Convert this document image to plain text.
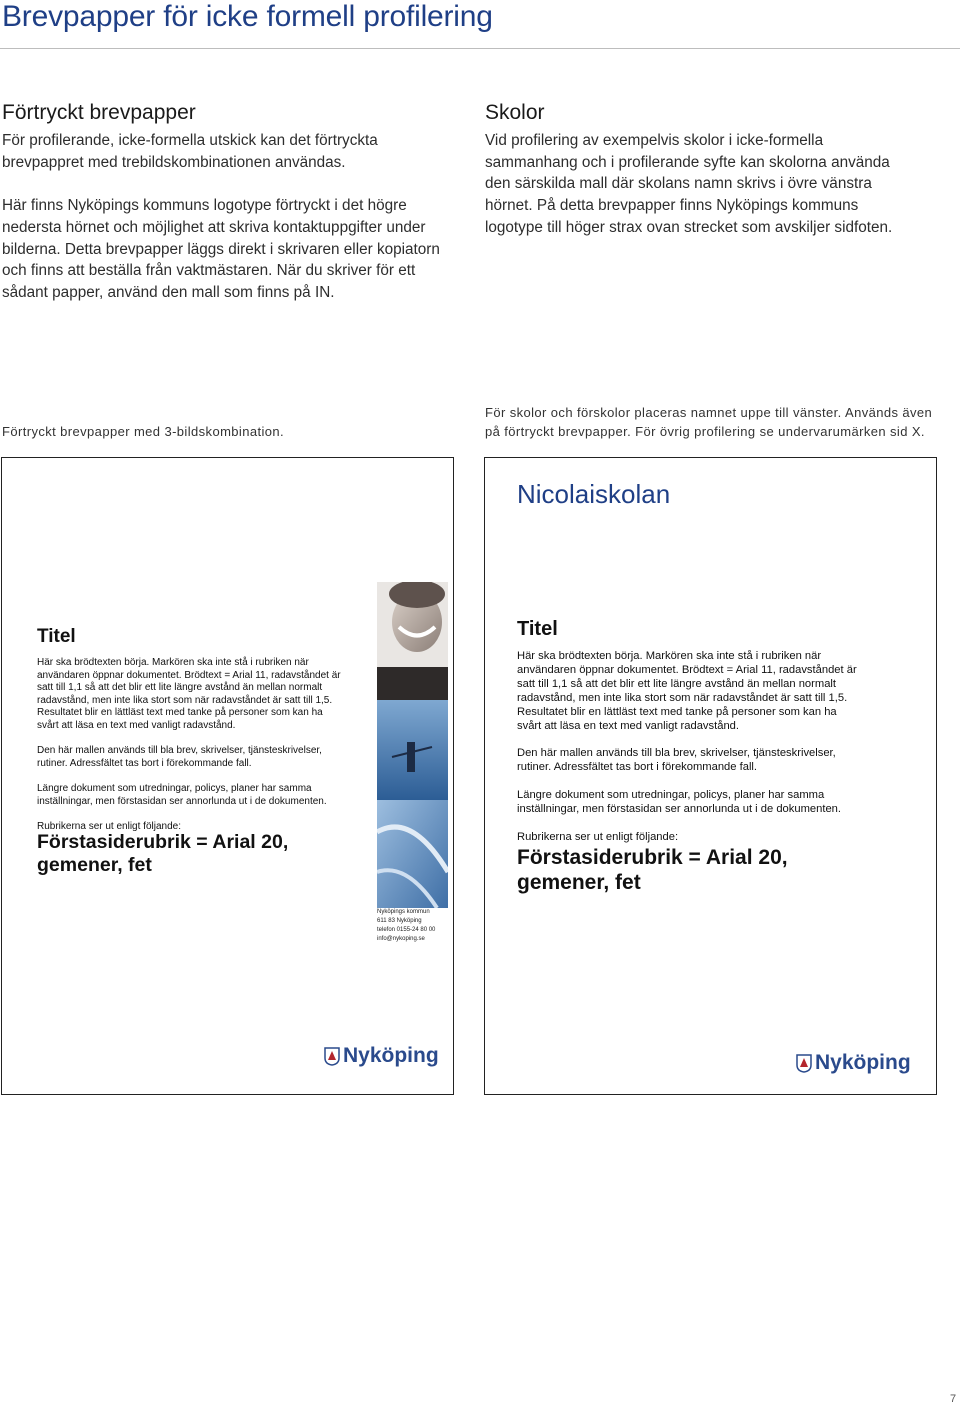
Brevpapper för icke formell profilering
Förtryckt brevpapper

För profilerande, icke-formella utskick kan det förtryckta brevpappret med trebildskombinationen användas.

Här finns Nyköpings kommuns logotype förtryckt i det högre nedersta hörnet och möjlighet att skriva kontaktuppgifter under bilderna. Detta brevpapper läggs direkt i skrivaren eller kopiatorn och finns att beställa från vaktmästaren. När du skriver för ett sådant papper, använd den mall som finns på IN.

Skolor

Vid profilering av exempelvis skolor i icke-formella sammanhang och i profilerande syfte kan skolorna använda den särskilda mall där skolans namn skrivs i övre vänstra hörnet. På detta brevpapper finns Nyköpings kommuns logotype till höger strax ovan strecket som avskiljer sidfoten.

Förtryckt brevpapper med 3-bildskombination.
För skolor och förskolor placeras namnet uppe till vänster. Används även på förtryckt brevpapper. För övrig profilering se undervarumärken sid X.
Titel

Här ska brödtexten börja. Markören ska inte stå i rubriken när användaren öppnar dokumentet. Brödtext = Arial 11, radavståndet är satt till 1,1 så att det blir ett lite längre avstånd än mellan normalt radavstånd, men inte lika stort som när radavståndet är satt till 1,5. Resultatet blir en lättläst text med tanke på personer som kan ha svårt att läsa en text med vanligt radavstånd.

Den här mallen används till bla brev, skrivelser, tjänsteskrivelser, rutiner. Adressfältet tas bort i förekommande fall.

Längre dokument som utredningar, policys, planer har samma inställningar, men förstasidan ser annorlunda ut i de dokumenten.

Rubrikerna ser ut enligt följande:

Förstasiderubrik = Arial 20, gemener, fet
Nyköpings kommun
611 83 Nyköping
telefon 0155-24 80 00
info@nykoping.se
Nyköping
Nicolaiskolan
Titel

Här ska brödtexten börja. Markören ska inte stå i rubriken när användaren öppnar dokumentet. Brödtext = Arial 11, radavståndet är satt till 1,1 så att det blir ett lite längre avstånd än mellan normalt radavstånd, men inte lika stort som när radavståndet är satt till 1,5. Resultatet blir en lättläst text med tanke på personer som kan ha svårt att läsa en text med vanligt radavstånd.

Den här mallen används till bla brev, skrivelser, tjänsteskrivelser, rutiner. Adressfältet tas bort i förekommande fall.

Längre dokument som utredningar, policys, planer har samma inställningar, men förstasidan ser annorlunda ut i de dokumenten.

Rubrikerna ser ut enligt följande:

Förstasiderubrik = Arial 20, gemener, fet
Nyköping
7
